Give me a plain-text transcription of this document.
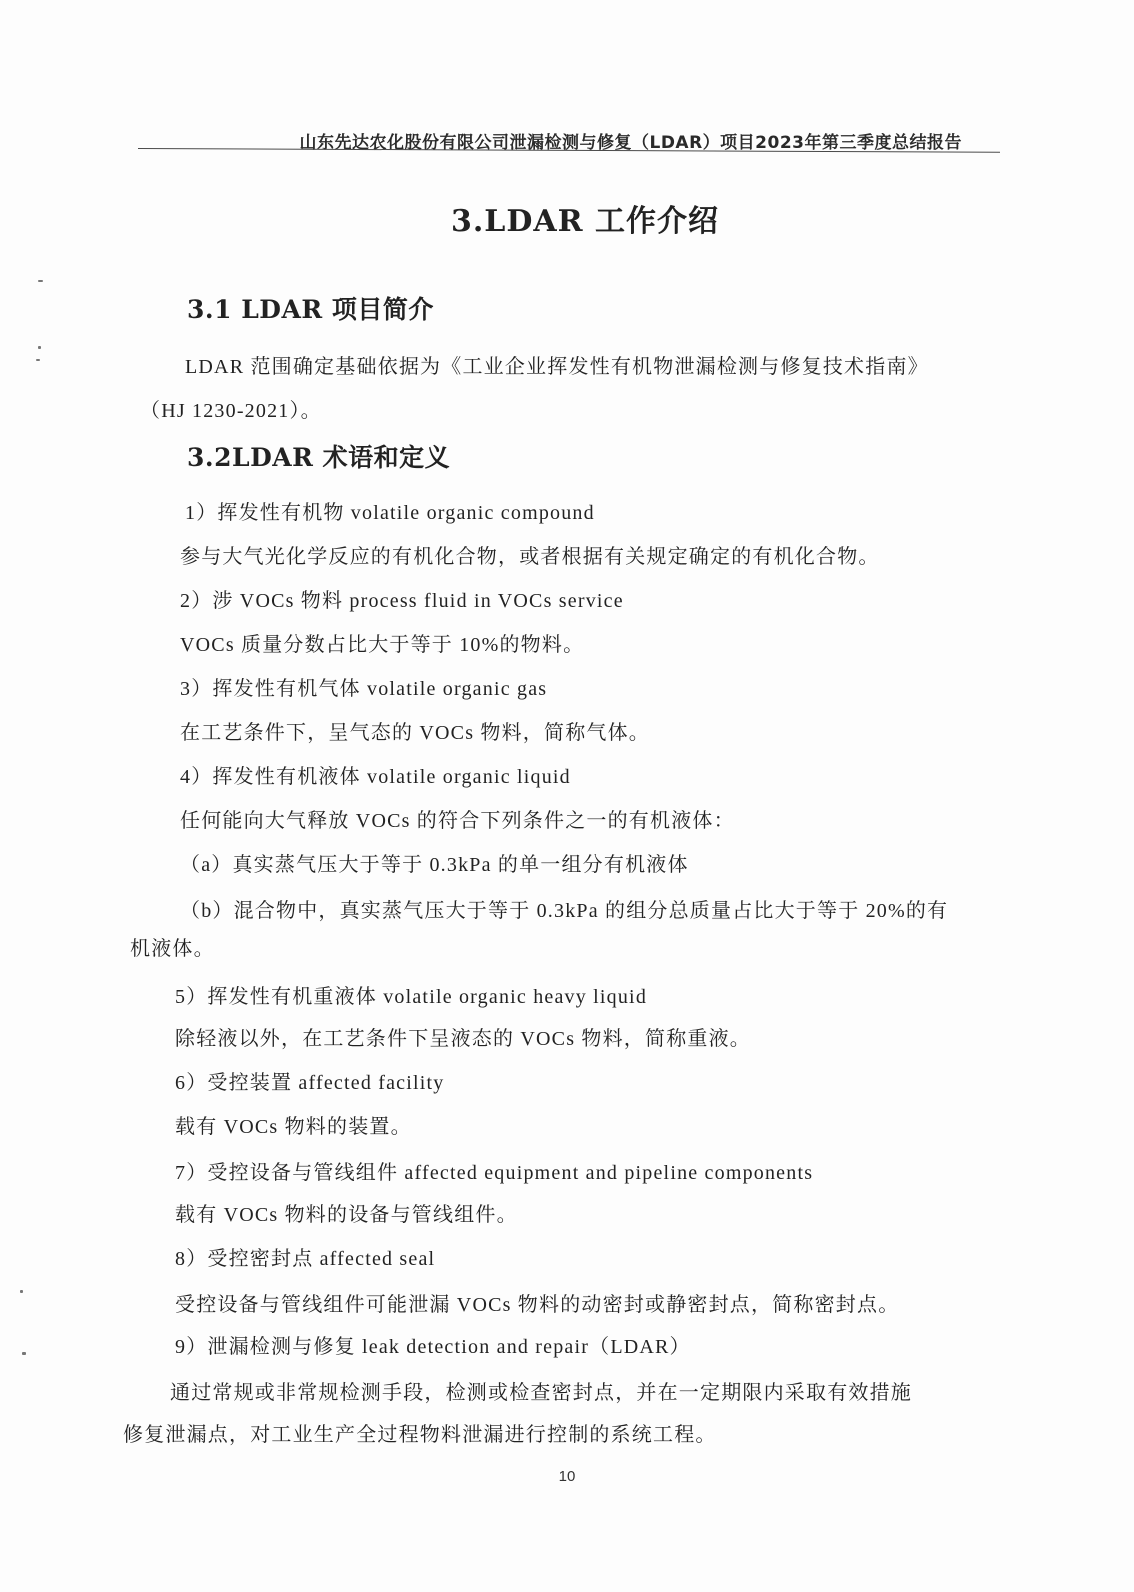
山东先达农化股份有限公司泄漏检测与修复（LDAR）项目2023年第三季度总结报告
3.LDAR 工作介绍
3.1 LDAR 项目简介
LDAR 范围确定基础依据为《工业企业挥发性有机物泄漏检测与修复技术指南》
（HJ 1230-2021）。
3.2LDAR 术语和定义
1）挥发性有机物 volatile organic compound
参与大气光化学反应的有机化合物，或者根据有关规定确定的有机化合物。
2）涉 VOCs 物料 process fluid in VOCs service
VOCs 质量分数占比大于等于 10%的物料。
3）挥发性有机气体 volatile organic gas
在工艺条件下，呈气态的 VOCs 物料，简称气体。
4）挥发性有机液体 volatile organic liquid
任何能向大气释放 VOCs 的符合下列条件之一的有机液体：
（a）真实蒸气压大于等于 0.3kPa 的单一组分有机液体
（b）混合物中，真实蒸气压大于等于 0.3kPa 的组分总质量占比大于等于 20%的有
机液体。
5）挥发性有机重液体 volatile organic heavy liquid
除轻液以外，在工艺条件下呈液态的 VOCs 物料，简称重液。
6）受控装置 affected facility
载有 VOCs 物料的装置。
7）受控设备与管线组件 affected equipment and pipeline components
载有 VOCs 物料的设备与管线组件。
8）受控密封点 affected seal
受控设备与管线组件可能泄漏 VOCs 物料的动密封或静密封点，简称密封点。
9）泄漏检测与修复 leak detection and repair（LDAR）
通过常规或非常规检测手段，检测或检查密封点，并在一定期限内采取有效措施
修复泄漏点，对工业生产全过程物料泄漏进行控制的系统工程。
10
